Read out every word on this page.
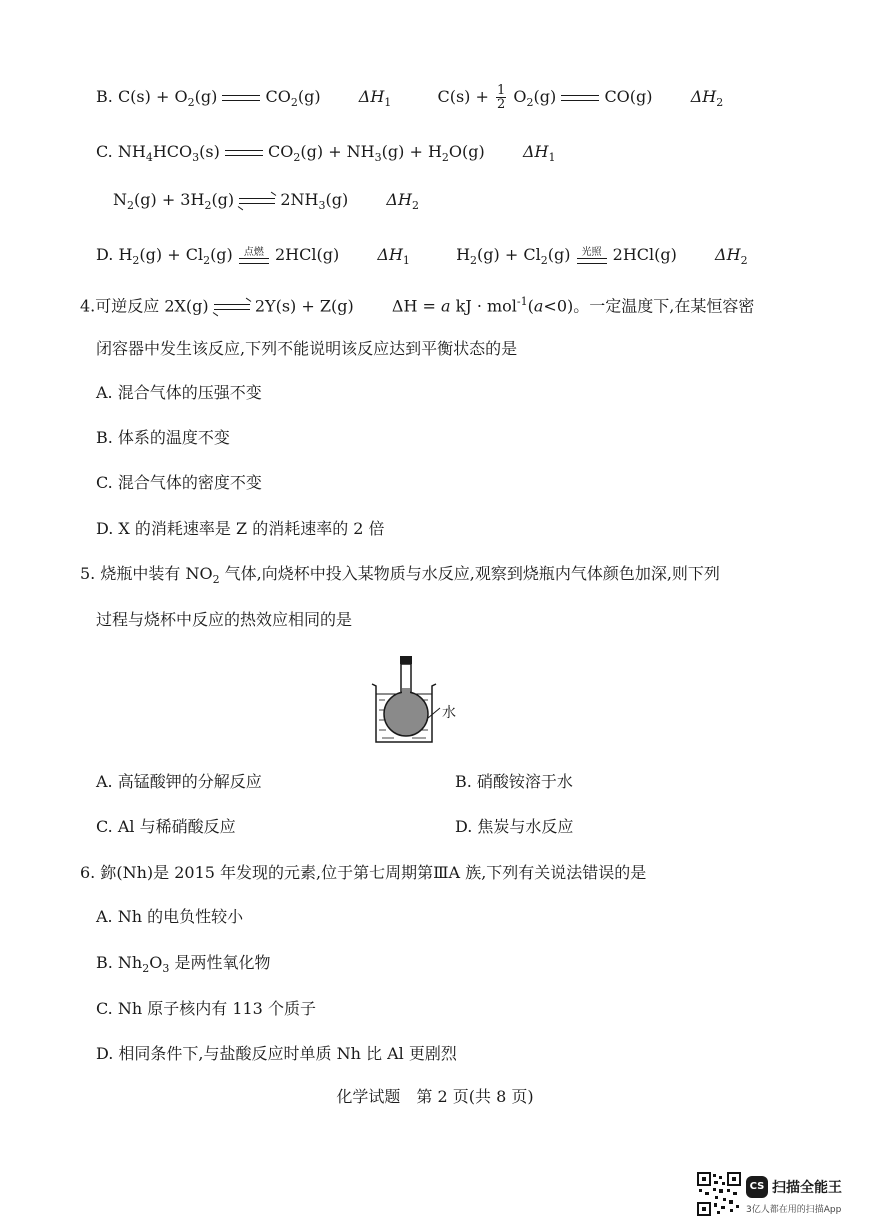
B. $C(s) + O_2(g)$	$CO_2(g)$ $\Delta H_1$	$C(s) + \frac{1}{2} O_2(g)$	CO(g) $\Delta H_2$
C. $NH_4HCO_3(s)$	$CO_2(g) + NH_3(g) + H_2O(g)$ $\Delta H_1$
$N_2(g) + 3H_2(g)$	$2NH_3(g)$ $\Delta H_2$
D. $H_2(g) + Cl_2(g)$ 点燃 2HCl(g) $\Delta H_1$	$H_2(g) + Cl_2(g)$ 光照 2HCl(g) $\Delta H_2$
4.可逆反应 2X(g)	2Y(s) + Z(g) ΔH = a kJ · mol$^{-1}$(a<0)。一定温度下,在某恒容密
闭容器中发生该反应,下列不能说明该反应达到平衡状态的是
A. 混合气体的压强不变
B. 体系的温度不变
C. 混合气体的密度不变
D. X 的消耗速率是 Z 的消耗速率的 2 倍
5. 烧瓶中装有 $NO_2$ 气体,向烧杯中投入某物质与水反应,观察到烧瓶内气体颜色加深,则下列
过程与烧杯中反应的热效应相同的是
水
A. 高锰酸钾的分解反应	B. 硝酸铵溶于水
C. Al 与稀硝酸反应	D. 焦炭与水反应
6. 鉨(Nh)是 2015 年发现的元素,位于第七周期第ⅢA 族,下列有关说法错误的是
A. Nh 的电负性较小
B. $Nh_2O_3$ 是两性氧化物
C. Nh 原子核内有 113 个质子
D. 相同条件下,与盐酸反应时单质 Nh 比 Al 更剧烈
化学试题　第 2 页(共 8 页)
CS 扫描全能王
3亿人都在用的扫描App
